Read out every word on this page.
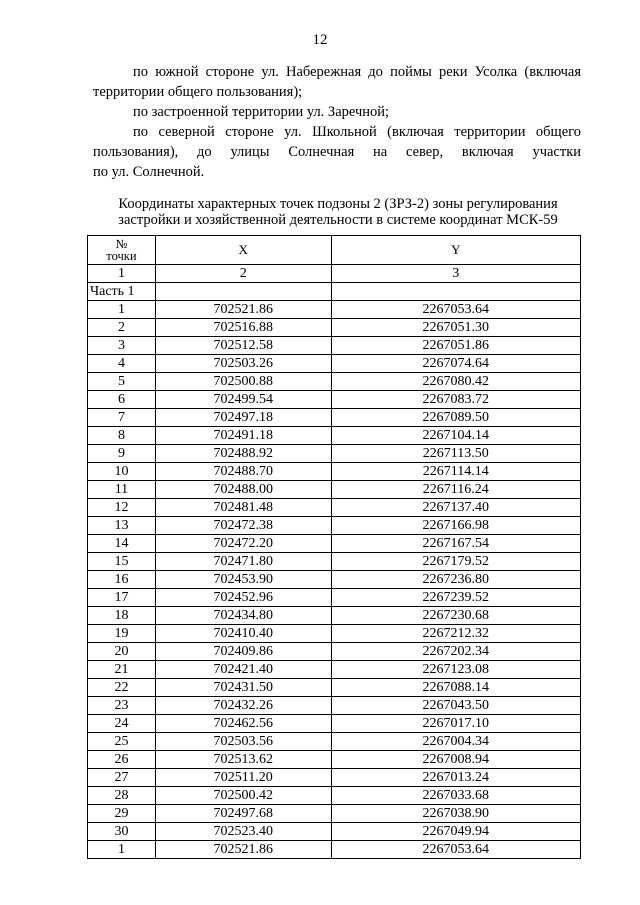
12

по южной стороне ул. Набережная до поймы реки Усолка (включая территории общего пользования);

по застроенной территории ул. Заречной;

по северной стороне ул. Школьной (включая территории общего пользования), до улицы Солнечная на север, включая участки

по ул. Солнечной.

Координаты характерных точек подзоны 2 (ЗРЗ-2) зоны регулирования
застройки и хозяйственной деятельности в системе координат МСК-59
№
точки	X	Y
1	2	3
Часть 1		
1	702521.86	2267053.64
2	702516.88	2267051.30
3	702512.58	2267051.86
4	702503.26	2267074.64
5	702500.88	2267080.42
6	702499.54	2267083.72
7	702497.18	2267089.50
8	702491.18	2267104.14
9	702488.92	2267113.50
10	702488.70	2267114.14
11	702488.00	2267116.24
12	702481.48	2267137.40
13	702472.38	2267166.98
14	702472.20	2267167.54
15	702471.80	2267179.52
16	702453.90	2267236.80
17	702452.96	2267239.52
18	702434.80	2267230.68
19	702410.40	2267212.32
20	702409.86	2267202.34
21	702421.40	2267123.08
22	702431.50	2267088.14
23	702432.26	2267043.50
24	702462.56	2267017.10
25	702503.56	2267004.34
26	702513.62	2267008.94
27	702511.20	2267013.24
28	702500.42	2267033.68
29	702497.68	2267038.90
30	702523.40	2267049.94
1	702521.86	2267053.64
